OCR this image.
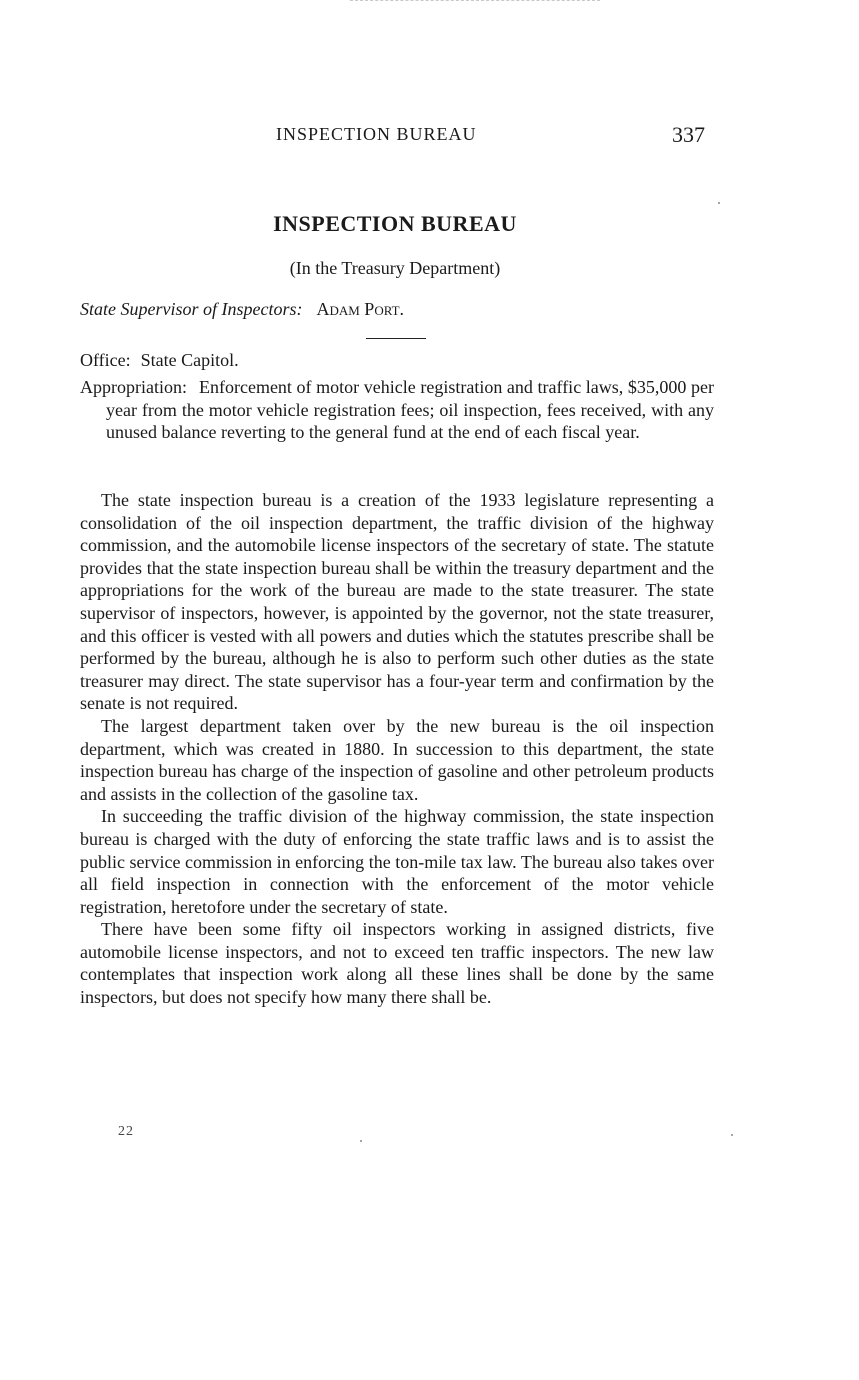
INSPECTION BUREAU	337
INSPECTION BUREAU
(In the Treasury Department)
State Supervisor of Inspectors: Adam Port.
Office: State Capitol.
Appropriation: Enforcement of motor vehicle registration and traffic laws, $35,000 per year from the motor vehicle registration fees; oil inspection, fees received, with any unused balance reverting to the general fund at the end of each fiscal year.

The state inspection bureau is a creation of the 1933 legislature representing a consolidation of the oil inspection department, the traffic division of the highway commission, and the automobile license inspectors of the secretary of state. The statute provides that the state inspection bureau shall be within the treasury department and the appropriations for the work of the bureau are made to the state treasurer. The state supervisor of inspectors, however, is appointed by the governor, not the state treasurer, and this officer is vested with all powers and duties which the statutes prescribe shall be performed by the bureau, although he is also to perform such other duties as the state treasurer may direct. The state supervisor has a four-year term and confirmation by the senate is not required.

The largest department taken over by the new bureau is the oil inspection department, which was created in 1880. In succession to this department, the state inspection bureau has charge of the inspection of gasoline and other petroleum products and assists in the collection of the gasoline tax.

In succeeding the traffic division of the highway commission, the state inspection bureau is charged with the duty of enforcing the state traffic laws and is to assist the public service commission in enforcing the ton-mile tax law. The bureau also takes over all field inspection in connection with the enforcement of the motor vehicle registration, heretofore under the secretary of state.

There have been some fifty oil inspectors working in assigned districts, five automobile license inspectors, and not to exceed ten traffic inspectors. The new law contemplates that inspection work along all these lines shall be done by the same inspectors, but does not specify how many there shall be.

22
